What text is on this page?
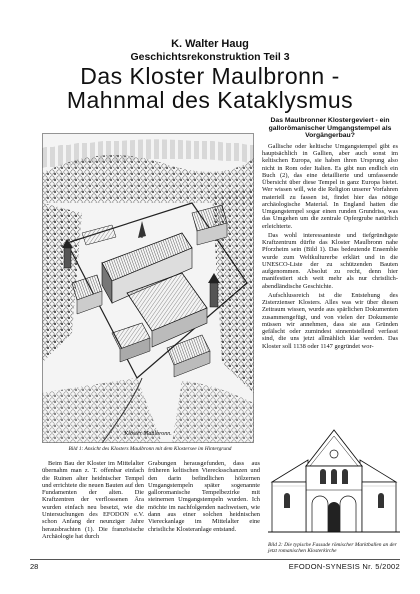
K. Walter Haug
Geschichtsrekonstruktion Teil 3
Das Kloster Maulbronn -
Mahnmal des Kataklysmus
Kloster Maulbronn.
Bild 1: Ansicht des Klosters Maulbronn mit dem Klostersee im Hintergrund
Das Maulbronner Klostergeviert - ein gallorömanischer Umgangstempel als Vorgängerbau?

Gallische oder keltische Umgangstempel gibt es hauptsächlich in Gallien, aber auch sonst im keltischen Europa, sie haben ihren Ursprung also nicht in Rom oder Italien. Es gibt nun endlich ein Buch (2), das eine detaillierte und umfassende Übersicht über diese Tempel in ganz Europa bietet. Wer wissen will, wie die Religion unserer Vorfahren materiell zu fassen ist, findet hier das nötige archäologische Material. In England hatten die Umgangstempel sogar einen runden Grundriss, was das Umgehen um die zentrale Opfergrube natürlich erleichterte.

Das wohl interessanteste und tiefgründigste Kraftzentrum dürfte das Kloster Maulbronn nahe Pforzheim sein (Bild 1). Das bedeutende Ensemble wurde zum Weltkulturerbe erklärt und in die UNESCO-Liste der zu schützenden Bauten aufgenommen. Absolut zu recht, denn hier manifestiert sich weit mehr als nur christlich-abendländische Geschichte.

Aufschlussreich ist die Entstehung des Zisterzienser Klosters. Alles was wir über diesen Zeitraum wissen, wurde aus spärlichen Dokumenten zusammengefügt, und von vielen der Dokumente müssen wir annehmen, dass sie aus Gründen gefälscht oder zumindest sinnentstellend verfasst sind, die uns jetzt allmählich klar werden. Das Kloster soll 1138 oder 1147 gegründet wor-

Beim Bau der Kloster im Mittelalter übernahm man z. T. offenbar einfach die Ruinen alter heidnischer Tempel und errichtete die neuen Bauten auf den Fundamenten der alten. Die Kraftzentren der verflossenen Ära wurden einfach neu besetzt, wie die Untersuchungen des EFODON e.V. schon Anfang der neunziger Jahre herausbrachten (1). Die französische Archäologie hat durch

Grabungen herausgefunden, dass aus früheren keltischen Vierecksschanzen und den darin befindlichen hölzernen Umgangstempeln später sogenannte galloromanische Tempelbezirke mit steinernen Umgangstempeln wurden. Ich möchte im nachfolgenden nachweisen, wie dann aus einer solchen heidnischen Viereckanlage im Mittelalter eine christliche Klosteranlage entstand.

Bild 2: Die typische Fassade römischer Marktballen an der jetzt romanischen Klosterkirche
28	EFODON-SYNESIS Nr. 5/2002
